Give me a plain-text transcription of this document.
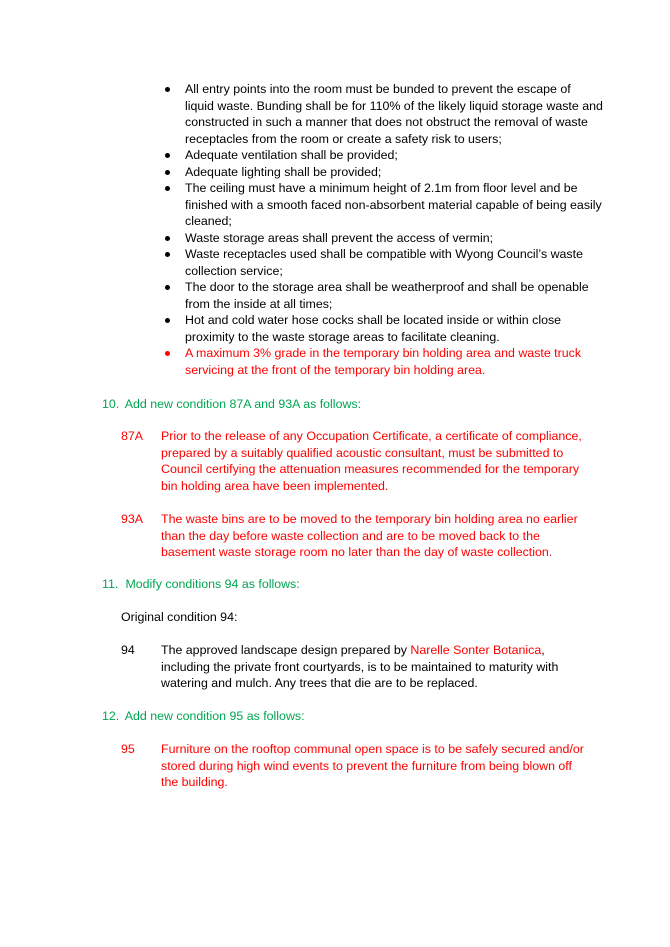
All entry points into the room must be bunded to prevent the escape of liquid waste. Bunding shall be for 110% of the likely liquid storage waste and constructed in such a manner that does not obstruct the removal of waste receptacles from the room or create a safety risk to users;
Adequate ventilation shall be provided;
Adequate lighting shall be provided;
The ceiling must have a minimum height of 2.1m from floor level and be finished with a smooth faced non-absorbent material capable of being easily cleaned;
Waste storage areas shall prevent the access of vermin;
Waste receptacles used shall be compatible with Wyong Council’s waste collection service;
The door to the storage area shall be weatherproof and shall be openable from the inside at all times;
Hot and cold water hose cocks shall be located inside or within close proximity to the waste storage areas to facilitate cleaning.
A maximum 3% grade in the temporary bin holding area and waste truck servicing at the front of the temporary bin holding area.
10. Add new condition 87A and 93A as follows:
87A Prior to the release of any Occupation Certificate, a certificate of compliance, prepared by a suitably qualified acoustic consultant, must be submitted to Council certifying the attenuation measures recommended for the temporary bin holding area have been implemented.
93A The waste bins are to be moved to the temporary bin holding area no earlier than the day before waste collection and are to be moved back to the basement waste storage room no later than the day of waste collection.
11. Modify conditions 94 as follows:
Original condition 94:
94 The approved landscape design prepared by Narelle Sonter Botanica, including the private front courtyards, is to be maintained to maturity with watering and mulch. Any trees that die are to be replaced.
12. Add new condition 95 as follows:
95 Furniture on the rooftop communal open space is to be safely secured and/or stored during high wind events to prevent the furniture from being blown off the building.
